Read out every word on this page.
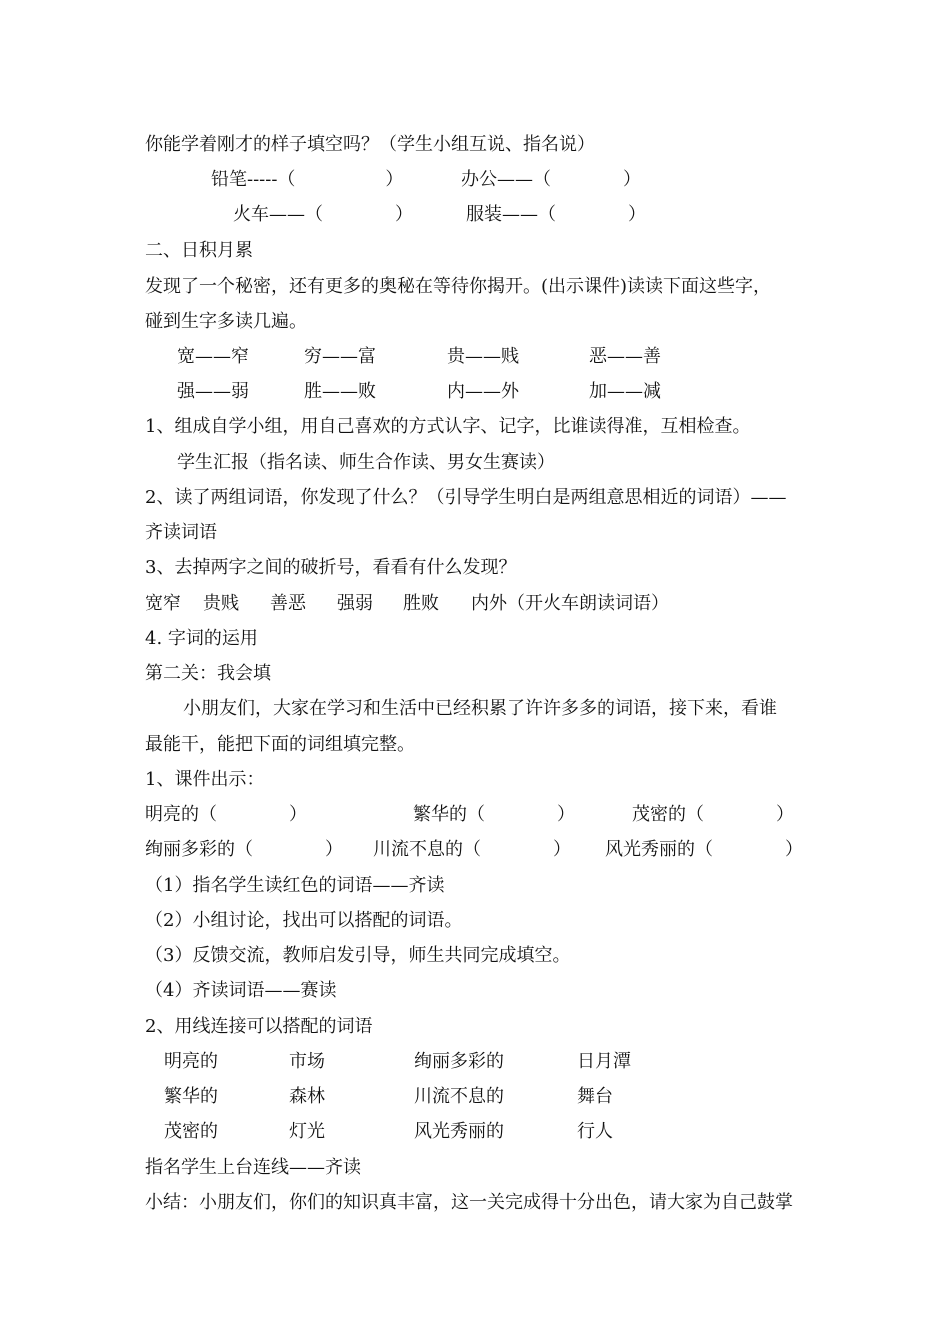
你能学着刚才的样子填空吗？（学生小组互说、指名说）
铅笔-----（　　　　　）	办公——（　　　　）
火车——（　　　　）	服装——（　　　　）
二、日积月累
发现了一个秘密，还有更多的奥秘在等待你揭开。(出示课件)读读下面这些字，
碰到生字多读几遍。
宽——窄	穷——富	贵——贱	恶——善
强——弱	胜——败	内——外	加——减
1、组成自学小组，用自己喜欢的方式认字、记字，比谁读得准，互相检查。
学生汇报（指名读、师生合作读、男女生赛读）
2、读了两组词语，你发现了什么？（引导学生明白是两组意思相近的词语）——
齐读词语
3、去掉两字之间的破折号，看看有什么发现？
宽窄 贵贱 善恶 强弱 胜败 内外（开火车朗读词语）
4. 字词的运用
第二关：我会填
小朋友们，大家在学习和生活中已经积累了许许多多的词语，接下来，看谁
最能干，能把下面的词组填完整。
1、课件出示：
明亮的（　　　　）	繁华的（　　　　）	茂密的（　　　　）
绚丽多彩的（　　　　） 川流不息的（　　　　） 风光秀丽的（　　　　）
（1）指名学生读红色的词语——齐读
（2）小组讨论，找出可以搭配的词语。
（3）反馈交流，教师启发引导，师生共同完成填空。
（4）齐读词语——赛读
2、用线连接可以搭配的词语
明亮的	市场	绚丽多彩的	日月潭
繁华的	森林	川流不息的	舞台
茂密的	灯光	风光秀丽的	行人
指名学生上台连线——齐读
小结：小朋友们，你们的知识真丰富，这一关完成得十分出色，请大家为自己鼓掌
